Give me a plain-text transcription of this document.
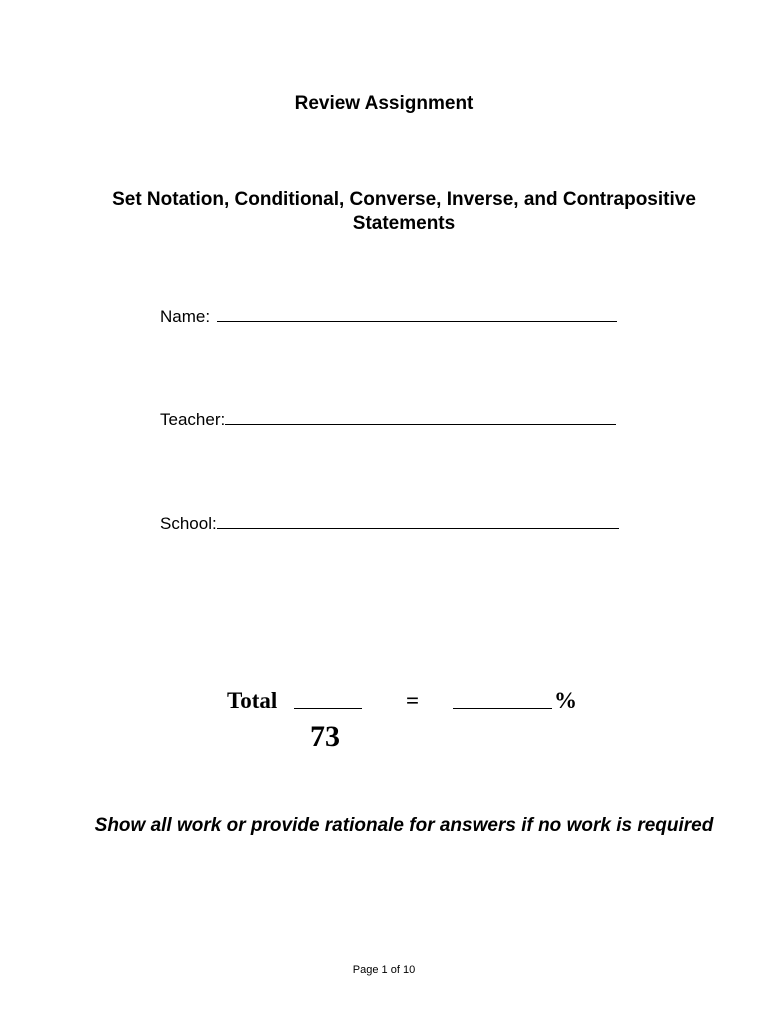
Review Assignment
Set Notation, Conditional, Converse, Inverse, and Contrapositive Statements
Name:
Teacher:
School:
Total	=	%
73

Show all work or provide rationale for answers if no work is required

Page 1 of 10
